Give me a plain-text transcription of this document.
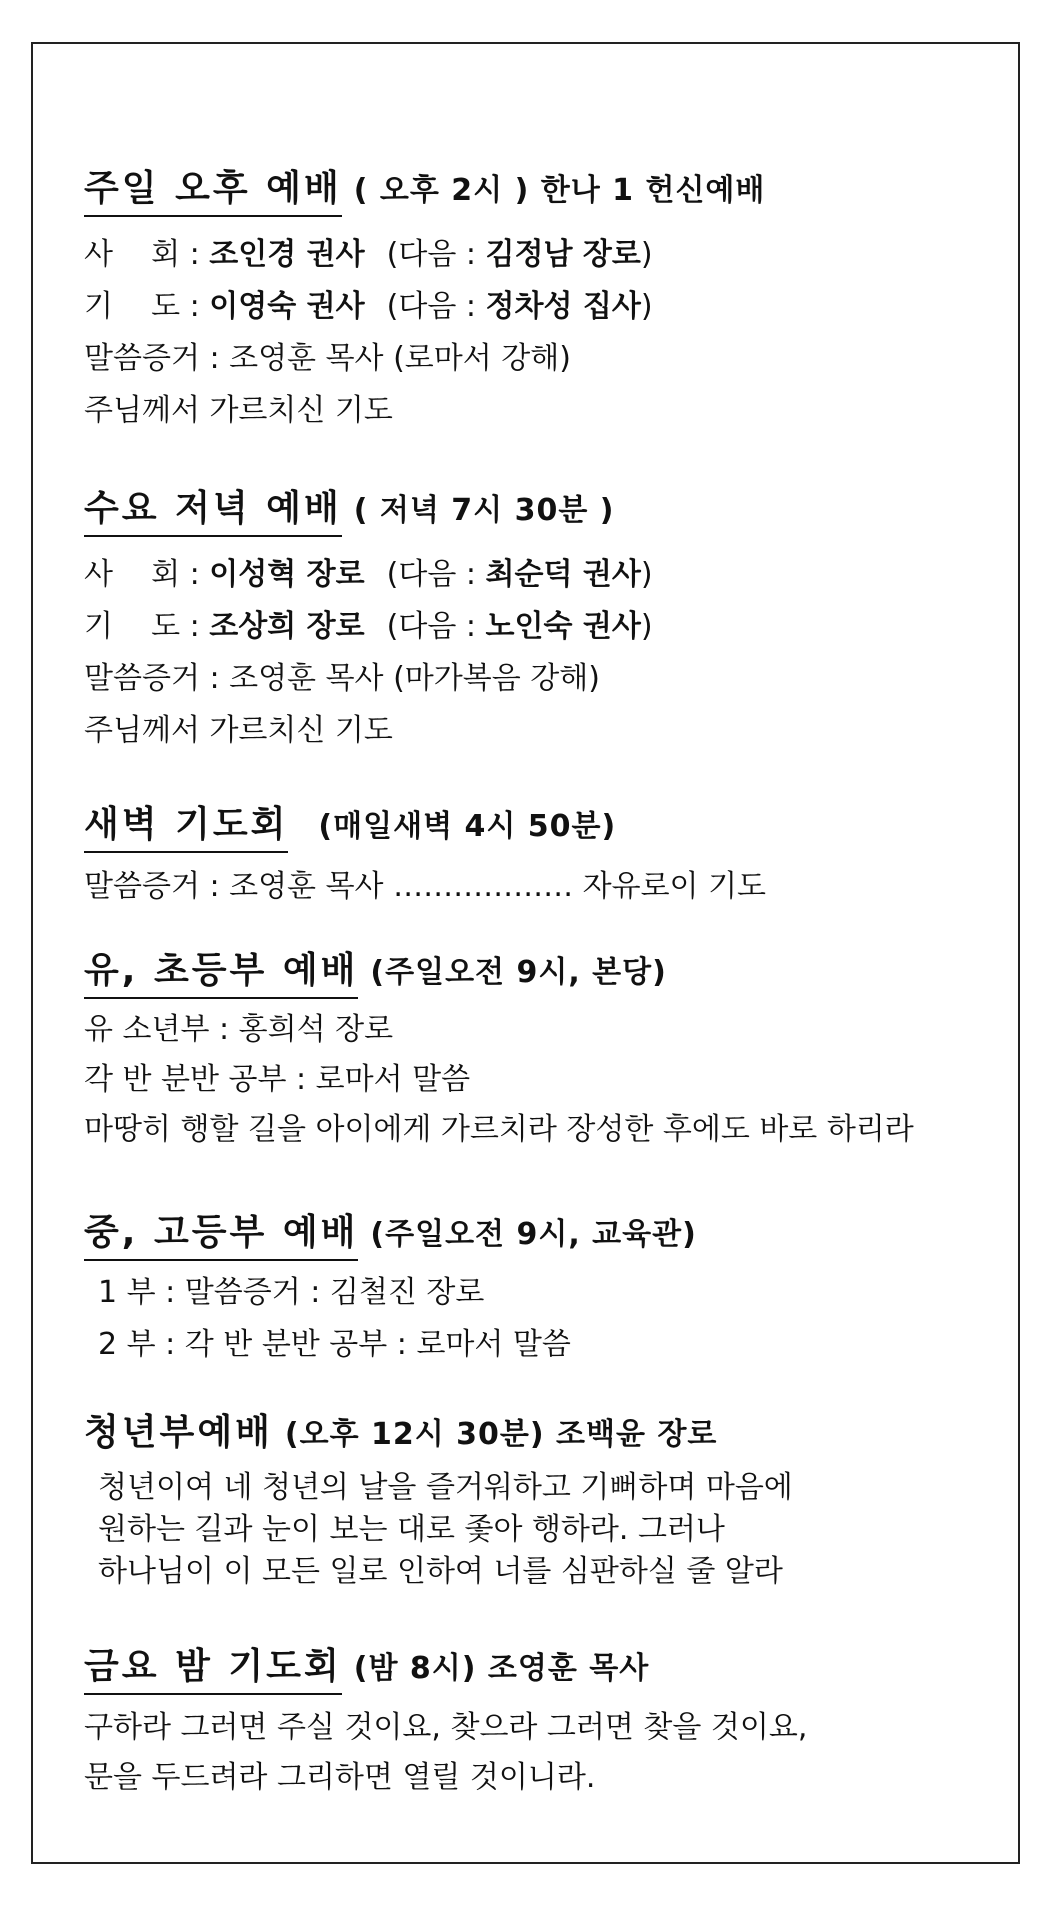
주일 오후 예배 ( 오후 2시 ) 한나 1 헌신예배
사    회 : 조인경 권사 (다음 : 김정남 장로)
기    도 : 이영숙 권사 (다음 : 정차성 집사)
말씀증거 : 조영훈 목사 (로마서 강해)
주님께서 가르치신 기도
수요 저녁 예배 ( 저녁 7시 30분 )
사    회 : 이성혁 장로 (다음 : 최순덕 권사)
기    도 : 조상희 장로 (다음 : 노인숙 권사)
말씀증거 : 조영훈 목사 (마가복음 강해)
주님께서 가르치신 기도
새벽 기도회 (매일새벽 4시 50분)
말씀증거 : 조영훈 목사 ……………… 자유로이 기도
유, 초등부 예배 (주일오전 9시, 본당)
유 소년부 : 홍희석 장로
각 반 분반 공부 : 로마서 말씀
마땅히 행할 길을 아이에게 가르치라 장성한 후에도 바로 하리라
중, 고등부 예배 (주일오전 9시, 교육관)
1 부 : 말씀증거 : 김철진 장로
2 부 : 각 반 분반 공부 : 로마서 말씀
청년부예배 (오후 12시 30분) 조백윤 장로
청년이여 네 청년의 날을 즐거워하고 기뻐하며 마음에
원하는 길과 눈이 보는 대로 좇아 행하라. 그러나
하나님이 이 모든 일로 인하여 너를 심판하실 줄 알라
금요 밤 기도회 (밤 8시) 조영훈 목사
구하라 그러면 주실 것이요, 찾으라 그러면 찾을 것이요,
문을 두드려라 그리하면 열릴 것이니라.
